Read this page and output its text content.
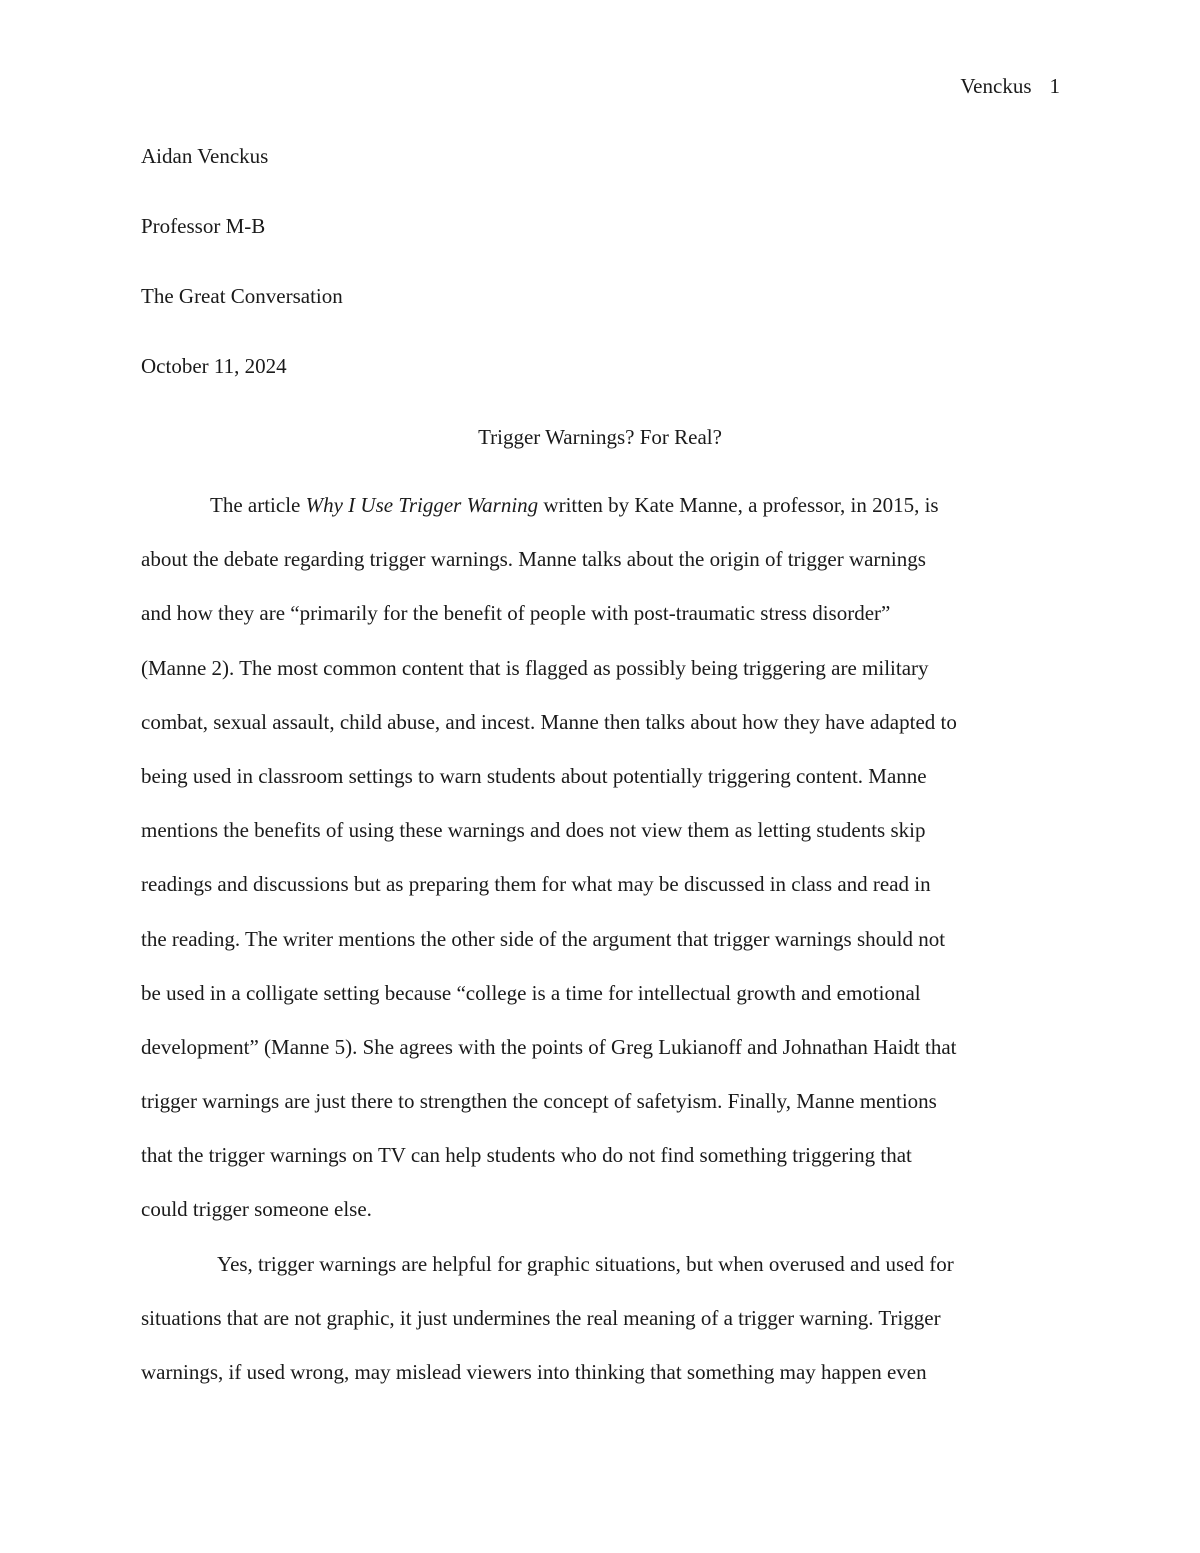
Venckus 1
Aidan Venckus
Professor M-B
The Great Conversation
October 11, 2024
Trigger Warnings? For Real?
The article Why I Use Trigger Warning written by Kate Manne, a professor, in 2015, is
about the debate regarding trigger warnings. Manne talks about the origin of trigger warnings
and how they are “primarily for the benefit of people with post-traumatic stress disorder”
(Manne 2). The most common content that is flagged as possibly being triggering are military
combat, sexual assault, child abuse, and incest. Manne then talks about how they have adapted to
being used in classroom settings to warn students about potentially triggering content. Manne
mentions the benefits of using these warnings and does not view them as letting students skip
readings and discussions but as preparing them for what may be discussed in class and read in
the reading. The writer mentions the other side of the argument that trigger warnings should not
be used in a colligate setting because “college is a time for intellectual growth and emotional
development” (Manne 5). She agrees with the points of Greg Lukianoff and Johnathan Haidt that
trigger warnings are just there to strengthen the concept of safetyism. Finally, Manne mentions
that the trigger warnings on TV can help students who do not find something triggering that
could trigger someone else.
Yes, trigger warnings are helpful for graphic situations, but when overused and used for
situations that are not graphic, it just undermines the real meaning of a trigger warning. Trigger
warnings, if used wrong, may mislead viewers into thinking that something may happen even
